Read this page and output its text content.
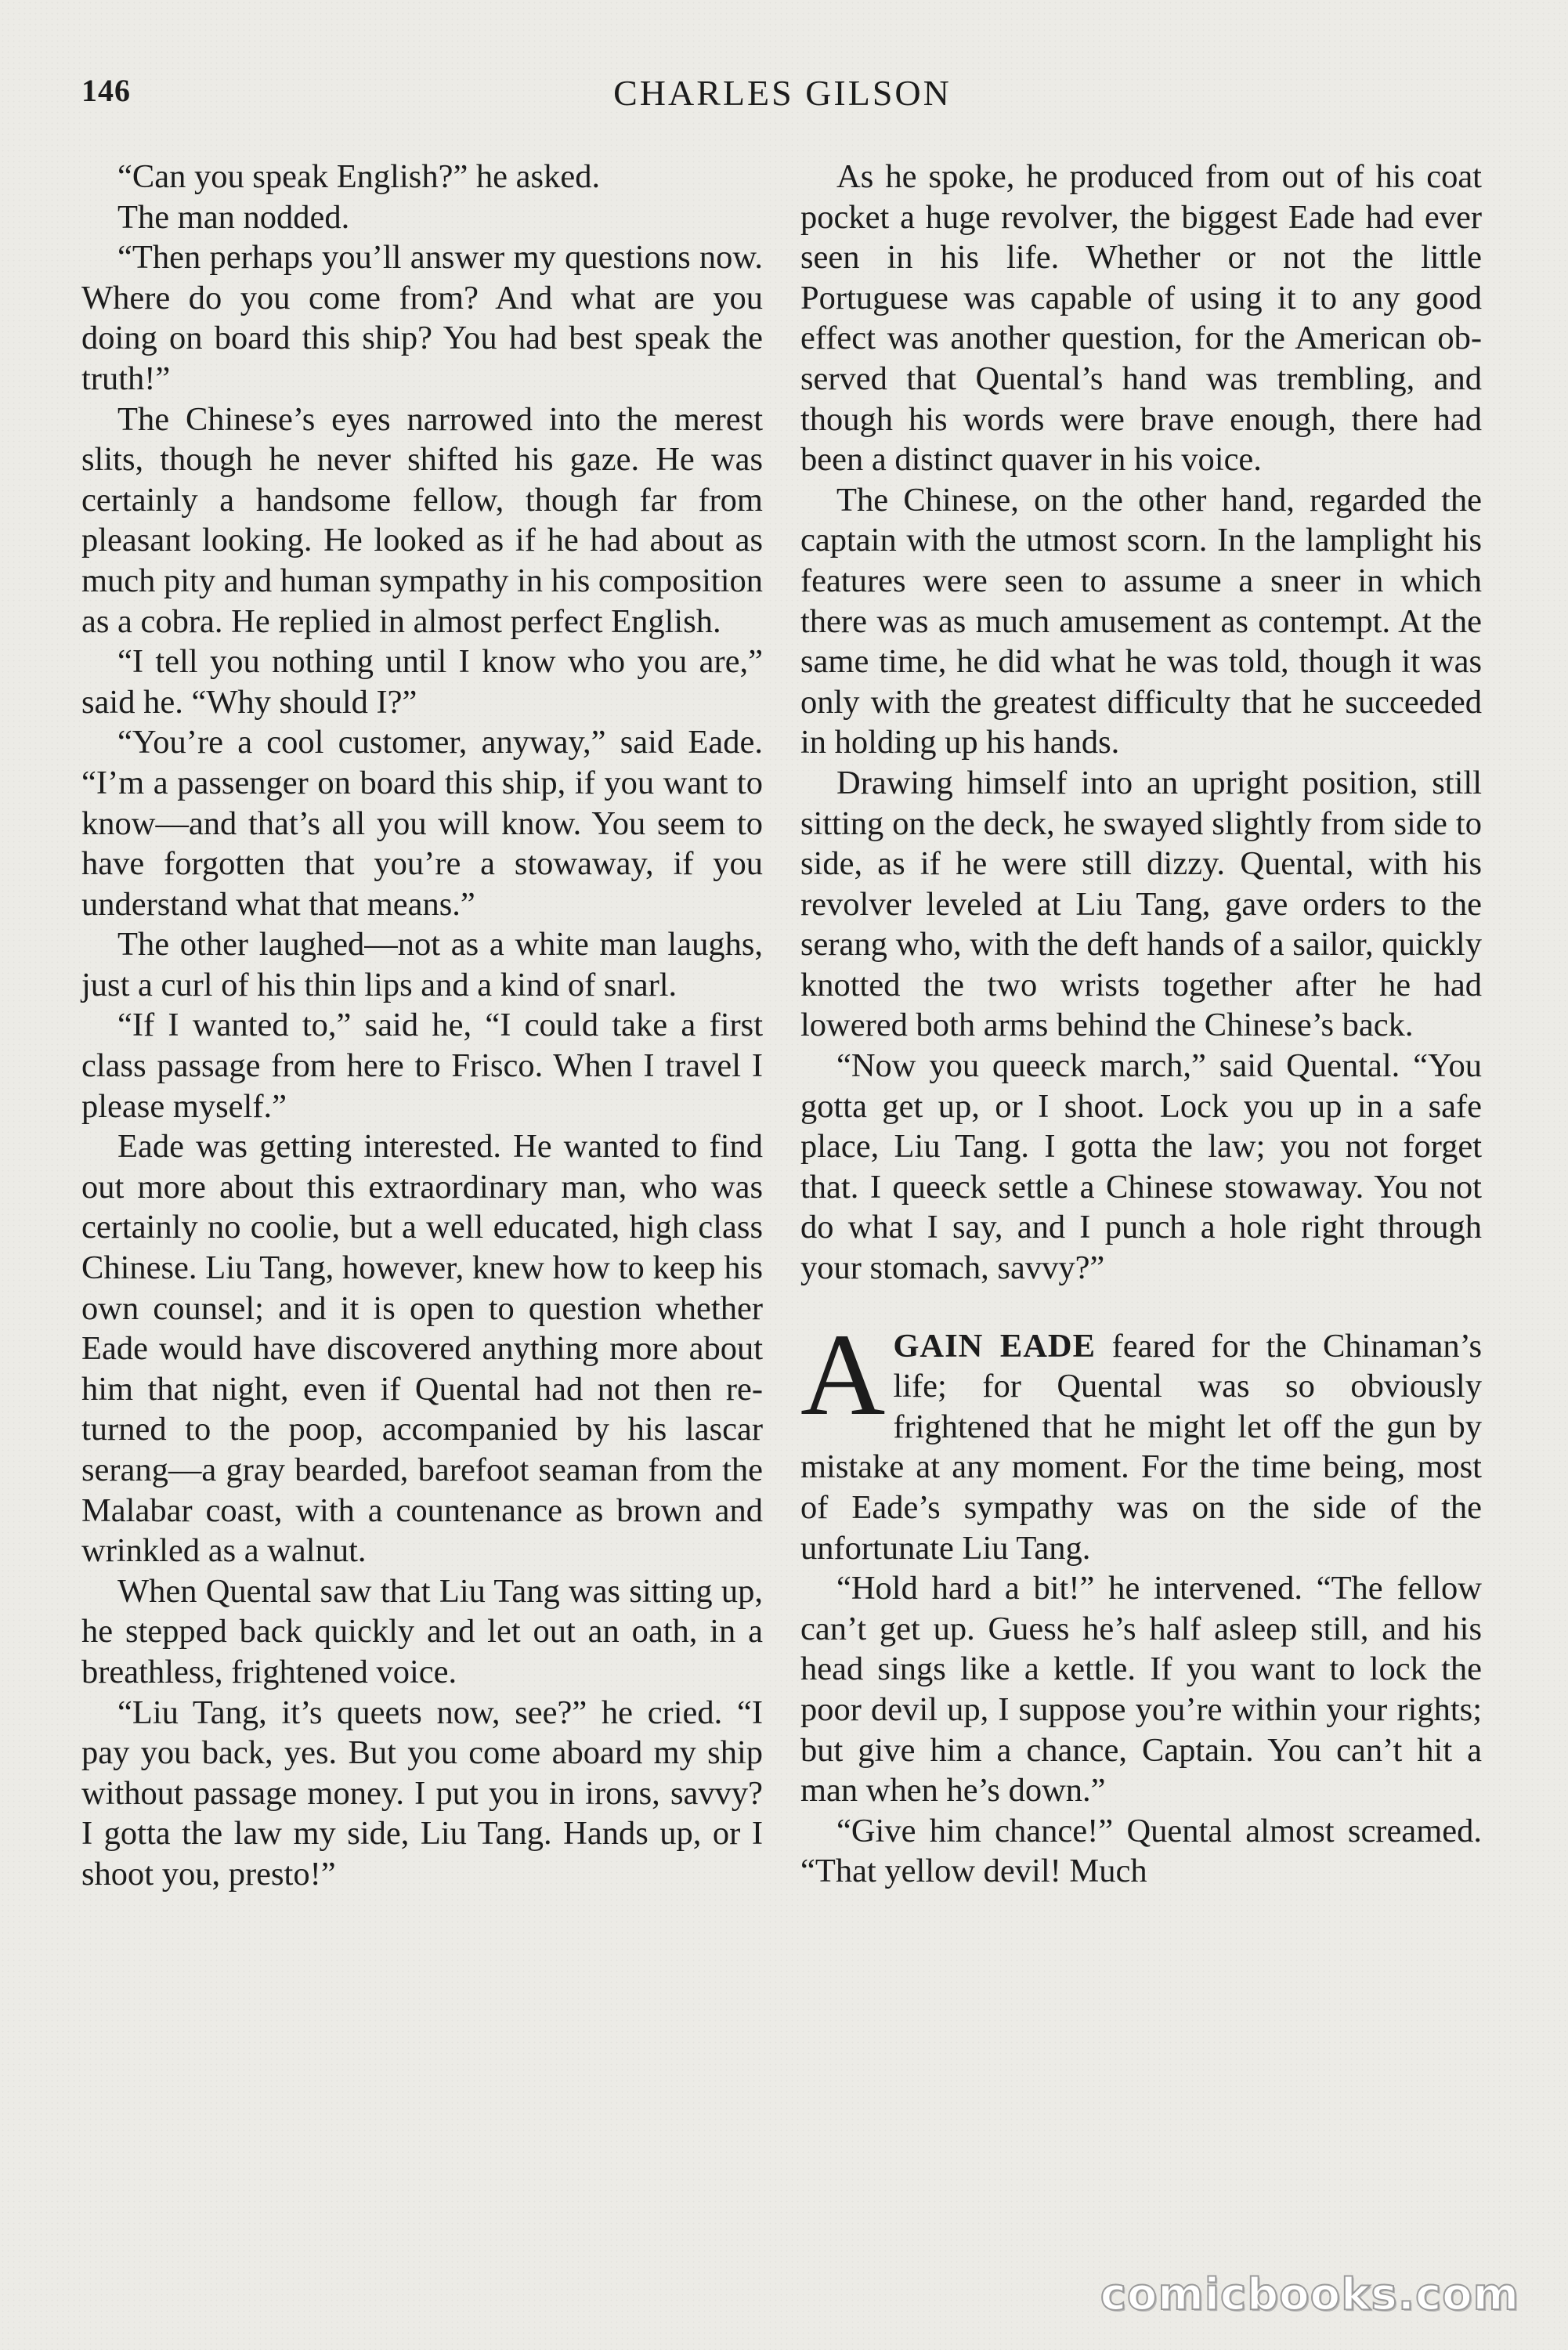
146	CHARLES GILSON

“Can you speak English?” he asked.

The man nodded.

“Then perhaps you’ll answer my questions now. Where do you come from? And what are you doing on board this ship? You had best speak the truth!”

The Chinese’s eyes narrowed into the merest slits, though he never shifted his gaze. He was certainly a handsome fellow, though far from pleasant looking. He looked as if he had about as much pity and human sympathy in his composition as a cobra. He replied in almost perfect English.

“I tell you nothing until I know who you are,” said he. “Why should I?”

“You’re a cool customer, anyway,” said Eade. “I’m a passenger on board this ship, if you want to know—and that’s all you will know. You seem to have forgotten that you’re a stowaway, if you understand what that means.”

The other laughed—not as a white man laughs, just a curl of his thin lips and a kind of snarl.

“If I wanted to,” said he, “I could take a first class passage from here to Frisco. When I travel I please myself.”

Eade was getting interested. He wanted to find out more about this extraordinary man, who was certainly no coolie, but a well educated, high class Chinese. Liu Tang, however, knew how to keep his own counsel; and it is open to question whether Eade would have discovered anything more about him that night, even if Quental had not then returned to the poop, accompanied by his lascar serang—a gray bearded, barefoot seaman from the Malabar coast, with a countenance as brown and wrinkled as a walnut.

When Quental saw that Liu Tang was sitting up, he stepped back quickly and let out an oath, in a breathless, frightened voice.

“Liu Tang, it’s queets now, see?” he cried. “I pay you back, yes. But you come aboard my ship without passage money. I put you in irons, savvy? I gotta the law my side, Liu Tang. Hands up, or I shoot you, presto!”

As he spoke, he produced from out of his coat pocket a huge revolver, the biggest Eade had ever seen in his life. Whether or not the little Portuguese was capable of using it to any good effect was another question, for the American observed that Quental’s hand was trembling, and though his words were brave enough, there had been a distinct quaver in his voice.

The Chinese, on the other hand, regarded the captain with the utmost scorn. In the lamplight his features were seen to assume a sneer in which there was as much amusement as contempt. At the same time, he did what he was told, though it was only with the greatest difficulty that he succeeded in holding up his hands.

Drawing himself into an upright position, still sitting on the deck, he swayed slightly from side to side, as if he were still dizzy. Quental, with his revolver leveled at Liu Tang, gave orders to the serang who, with the deft hands of a sailor, quickly knotted the two wrists together after he had lowered both arms behind the Chinese’s back.

“Now you queeck march,” said Quental. “You gotta get up, or I shoot. Lock you up in a safe place, Liu Tang. I gotta the law; you not forget that. I queeck settle a Chinese stowaway. You not do what I say, and I punch a hole right through your stomach, savvy?”

AGAIN EADE feared for the Chinaman’s life; for Quental was so obviously frightened that he might let off the gun by mistake at any moment. For the time being, most of Eade’s sympathy was on the side of the unfortunate Liu Tang.

“Hold hard a bit!” he intervened. “The fellow can’t get up. Guess he’s half asleep still, and his head sings like a kettle. If you want to lock the poor devil up, I suppose you’re within your rights; but give him a chance, Captain. You can’t hit a man when he’s down.”

“Give him chance!” Quental almost screamed. “That yellow devil! Much

comicbooks.com
